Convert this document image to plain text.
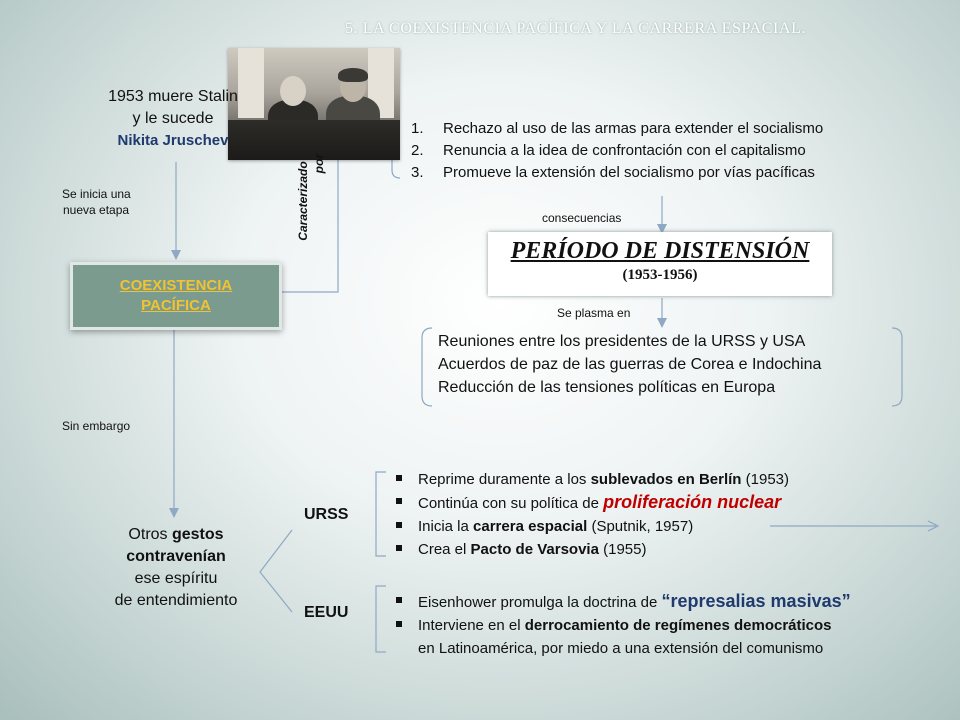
5. LA COEXISTENCIA PACÍFICA Y LA CARRERA ESPACIAL.
1953 muere Stalin
y le sucede
Nikita Jruschev
Se inicia una
nueva etapa
COEXISTENCIA PACÍFICA
Caracterizado por
1. Rechazo al uso de las armas para extender el socialismo
2. Renuncia a la idea de confrontación con el capitalismo
3. Promueve la extensión del socialismo por vías pacíficas
consecuencias
PERÍODO DE DISTENSIÓN
(1953-1956)
Se plasma en
Reuniones entre los presidentes de la URSS y USA
Acuerdos de paz de las guerras de Corea e Indochina
Reducción de las tensiones políticas en Europa
Sin embargo
Otros gestos
contravenían
ese espíritu
de entendimiento
URSS
EEUU
Reprime duramente a los sublevados en Berlín (1953)
Continúa con su política de proliferación nuclear
Inicia la carrera espacial (Sputnik, 1957)
Crea el Pacto de Varsovia (1955)
Eisenhower promulga la doctrina de “represalias masivas”
Interviene en el derrocamiento de regímenes democráticos
en Latinoamérica, por miedo a una extensión del comunismo
